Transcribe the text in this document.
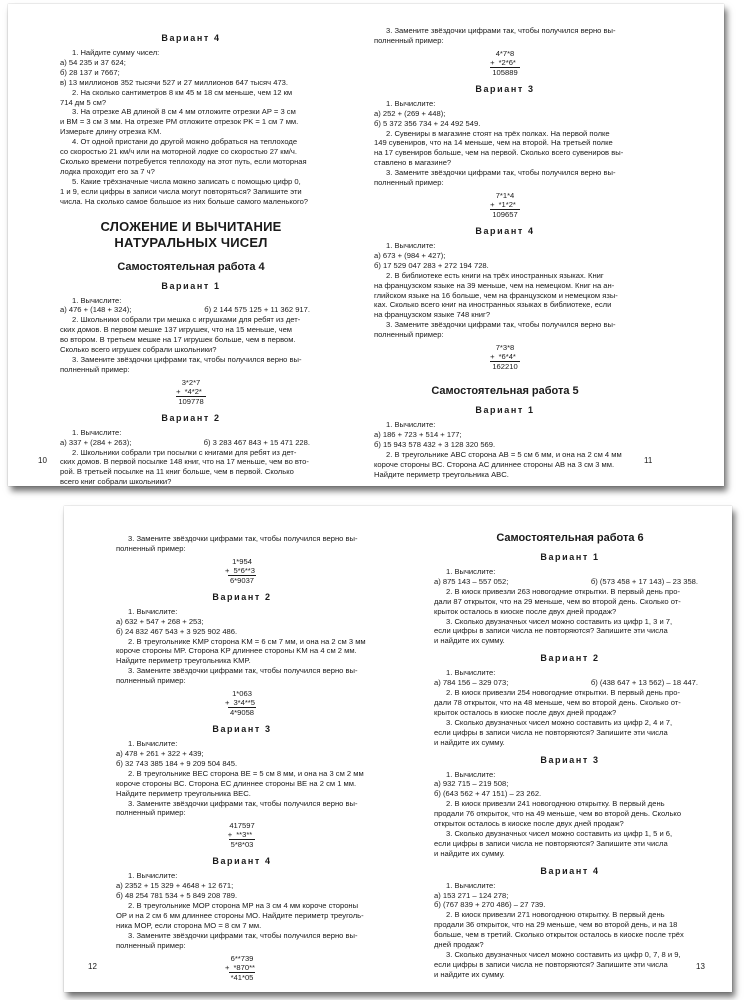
Вариант 4

1. Найдите сумму чисел:

а) 54 235 и 37 624;

б) 28 137 и 7667;

в) 13 миллионов 352 тысячи 527 и 27 миллионов 647 тысяч 473.

2. На сколько сантиметров 8 км 45 м 18 см меньше, чем 12 км

714 дм 5 см?

3. На отрезке AB длиной 8 см 4 мм отложите отрезки AP = 3 см

и BM = 3 см 3 мм. На отрезке PM отложите отрезок PK = 1 см 7 мм.

Измерьте длину отрезка KM.

4. От одной пристани до другой можно добраться на теплоходе

со скоростью 21 км/ч или на моторной лодке со скоростью 27 км/ч.

Сколько времени потребуется теплоходу на этот путь, если моторная

лодка проходит его за 7 ч?

5. Какие трёхзначные числа можно записать с помощью цифр 0,

1 и 9, если цифры в записи числа могут повторяться? Запишите эти

числа. На сколько самое большое из них больше самого маленького?

СЛОЖЕНИЕ И ВЫЧИТАНИЕ
НАТУРАЛЬНЫХ ЧИСЕЛ
Самостоятельная работа 4
Вариант 1

1. Вычислите:

а) 476 + (148 + 324);	б) 2 144 575 125 + 11 362 917.

2. Школьники собрали три мешка с игрушками для ребят из дет-

ских домов. В первом мешке 137 игрушек, что на 15 меньше, чем

во втором. В третьем мешке на 17 игрушек больше, чем в первом.

Сколько всего игрушек собрали школьники?

3. Замените звёздочки цифрами так, чтобы получился верно вы-

полненный пример:

3*2*7
+ *4*2*
109778
Вариант 2

1. Вычислите:

а) 337 + (284 + 263);	б) 3 283 467 843 + 15 471 228.

2. Школьники собрали три посылки с книгами для ребят из дет-

ских домов. В первой посылке 148 книг, что на 17 меньше, чем во вто-

рой. В третьей посылке на 11 книг больше, чем в первой. Сколько

всего книг собрали школьники?

10

3. Замените звёздочки цифрами так, чтобы получился верно вы-

полненный пример:

4*7*8
+ *2*6*
105889
Вариант 3

1. Вычислите:

а) 252 + (269 + 448);

б) 5 372 356 734 + 24 492 549.

2. Сувениры в магазине стоят на трёх полках. На первой полке

149 сувениров, что на 14 меньше, чем на второй. На третьей полке

на 17 сувениров больше, чем на первой. Сколько всего сувениров вы-

ставлено в магазине?

3. Замените звёздочки цифрами так, чтобы получился верно вы-

полненный пример:

7*1*4
+ *1*2*
109657
Вариант 4

1. Вычислите:

а) 673 + (984 + 427);

б) 17 529 047 283 + 272 194 728.

2. В библиотеке есть книги на трёх иностранных языках. Книг

на французском языке на 39 меньше, чем на немецком. Книг на ан-

глийском языке на 16 больше, чем на французском и немецком язы-

ках. Сколько всего книг на иностранных языках в библиотеке, если

на французском языке 748 книг?

3. Замените звёздочки цифрами так, чтобы получился верно вы-

полненный пример:

7*3*8
+ *6*4*
162210
Самостоятельная работа 5
Вариант 1

1. Вычислите:

а) 186 + 723 + 514 + 177;

б) 15 943 578 432 + 3 128 320 569.

2. В треугольнике ABC сторона AB = 5 см 6 мм, и она на 2 см 4 мм

короче стороны BC. Сторона AC длиннее стороны AB на 3 см 3 мм.

Найдите периметр треугольника ABC.

11

3. Замените звёздочки цифрами так, чтобы получился верно вы-

полненный пример:

1*954
+ 5*6**3
6*9037
Вариант 2

1. Вычислите:

а) 632 + 547 + 268 + 253;

б) 24 832 467 543 + 3 925 902 486.

2. В треугольнике KMP сторона KM = 6 см 7 мм, и она на 2 см 3 мм

короче стороны MP. Сторона KP длиннее стороны KM на 4 см 2 мм.

Найдите периметр треугольника KMP.

3. Замените звёздочки цифрами так, чтобы получился верно вы-

полненный пример:

1*063
+ 3*4**5
4*9058
Вариант 3

1. Вычислите:

а) 478 + 261 + 322 + 439;

б) 32 743 385 184 + 9 209 504 845.

2. В треугольнике BEC сторона BE = 5 см 8 мм, и она на 3 см 2 мм

короче стороны BC. Сторона EC длиннее стороны BE на 2 см 1 мм.

Найдите периметр треугольника BEC.

3. Замените звёздочки цифрами так, чтобы получился верно вы-

полненный пример:

417597
+ **3**
5*8*03
Вариант 4

1. Вычислите:

а) 2352 + 15 329 + 4648 + 12 671;

б) 48 254 781 534 + 5 849 208 789.

2. В треугольнике MOP сторона MP на 3 см 4 мм короче стороны

OP и на 2 см 6 мм длиннее стороны MO. Найдите периметр треуголь-

ника MOP, если сторона MO = 8 см 7 мм.

3. Замените звёздочки цифрами так, чтобы получился верно вы-

полненный пример:

6**739
+ *870**
*41*05
12
Самостоятельная работа 6
Вариант 1

1. Вычислите:

а) 875 143 – 557 052;	б) (573 458 + 17 143) – 23 358.

2. В киоск привезли 263 новогодние открытки. В первый день про-

дали 87 открыток, что на 29 меньше, чем во второй день. Сколько от-

крыток осталось в киоске после двух дней продаж?

3. Сколько двузначных чисел можно составить из цифр 1, 3 и 7,

если цифры в записи числа не повторяются? Запишите эти числа

и найдите их сумму.

Вариант 2

1. Вычислите:

а) 784 156 – 329 073;	б) (438 647 + 13 562) – 18 447.

2. В киоск привезли 254 новогодние открытки. В первый день про-

дали 78 открыток, что на 48 меньше, чем во второй день. Сколько от-

крыток осталось в киоске после двух дней продаж?

3. Сколько двузначных чисел можно составить из цифр 2, 4 и 7,

если цифры в записи числа не повторяются? Запишите эти числа

и найдите их сумму.

Вариант 3

1. Вычислите:

а) 932 715 – 219 508;

б) (643 562 + 47 151) – 23 262.

2. В киоск привезли 241 новогоднюю открытку. В первый день

продали 76 открыток, что на 49 меньше, чем во второй день. Сколько

открыток осталось в киоске после двух дней продаж?

3. Сколько двузначных чисел можно составить из цифр 1, 5 и 6,

если цифры в записи числа не повторяются? Запишите эти числа

и найдите их сумму.

Вариант 4

1. Вычислите:

а) 153 271 – 124 278;

б) (767 839 + 270 486) – 27 739.

2. В киоск привезли 271 новогоднюю открытку. В первый день

продали 36 открыток, что на 29 меньше, чем во второй день, и на 18

больше, чем в третий. Сколько открыток осталось в киоске после трёх

дней продаж?

3. Сколько двузначных чисел можно составить из цифр 0, 7, 8 и 9,

если цифры в записи числа не повторяются? Запишите эти числа

и найдите их сумму.

13
